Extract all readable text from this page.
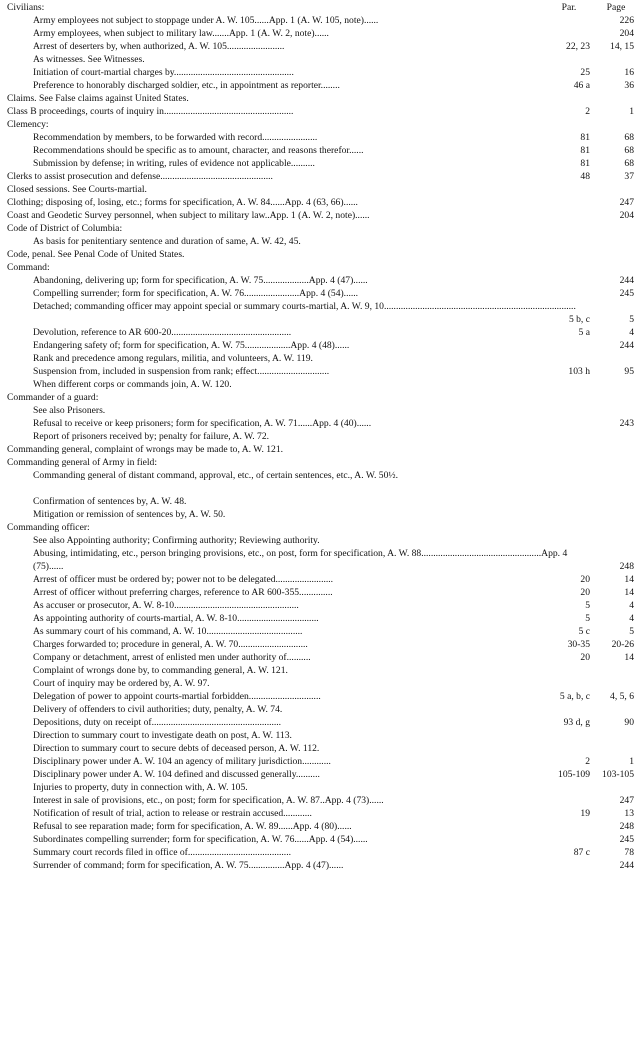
Civilians:	Par.	Page
Army employees not subject to stoppage under A. W. 105......App. 1 (A. W. 105, note)......	226
Army employees, when subject to military law.......App. 1 (A. W. 2, note)......	204
Arrest of deserters by, when authorized, A. W. 105........................	22, 23	14, 15
As witnesses. See Witnesses.
Initiation of court-martial charges by..................................................	25	16
Preference to honorably discharged soldier, etc., in appointment as reporter........	46 a	36
Claims. See False claims against United States.
Class B proceedings, courts of inquiry in......................................................	2	1
Clemency:
Recommendation by members, to be forwarded with record.......................	81	68
Recommendations should be specific as to amount, character, and reasons therefor......	81	68
Submission by defense; in writing, rules of evidence not applicable..........	81	68
Clerks to assist prosecution and defense...............................................	48	37
Closed sessions. See Courts-martial.
Clothing; disposing of, losing, etc.; forms for specification, A. W. 84......App. 4 (63, 66)......	247
Coast and Geodetic Survey personnel, when subject to military law..App. 1 (A. W. 2, note)......	204
Code of District of Columbia:
As basis for penitentiary sentence and duration of same, A. W. 42, 45.
Code, penal. See Penal Code of United States.
Command:
Abandoning, delivering up; form for specification, A. W. 75...................App. 4 (47)......	244
Compelling surrender; form for specification, A. W. 76.......................App. 4 (54)......	245
Detached; commanding officer may appoint special or summary courts-martial, A. W. 9, 10................................................................................
5 b, c	5
Devolution, reference to AR 600-20..................................................	5 a	4
Endangering safety of; form for specification, A. W. 75...................App. 4 (48)......	244
Rank and precedence among regulars, militia, and volunteers, A. W. 119.
Suspension from, included in suspension from rank; effect..............................	103 h	95
When different corps or commands join, A. W. 120.
Commander of a guard:
See also Prisoners.
Refusal to receive or keep prisoners; form for specification, A. W. 71......App. 4 (40)......	243
Report of prisoners received by; penalty for failure, A. W. 72.
Commanding general, complaint of wrongs may be made to, A. W. 121.
Commanding general of Army in field:
Commanding general of distant command, approval, etc., of certain sentences, etc., A. W. 50½.
Confirmation of sentences by, A. W. 48.
Mitigation or remission of sentences by, A. W. 50.
Commanding officer:
See also Appointing authority; Confirming authority; Reviewing authority.
Abusing, intimidating, etc., person bringing provisions, etc., on post, form for specification, A. W. 88..................................................App. 4 (75)......	248
Arrest of officer must be ordered by; power not to be delegated........................	20	14
Arrest of officer without preferring charges, reference to AR 600-355..............	20	14
As accuser or prosecutor, A. W. 8-10....................................................	5	4
As appointing authority of courts-martial, A. W. 8-10..................................	5	4
As summary court of his command, A. W. 10........................................	5 c	5
Charges forwarded to; procedure in general, A. W. 70.............................	30-35	20-26
Company or detachment, arrest of enlisted men under authority of..........	20	14
Complaint of wrongs done by, to commanding general, A. W. 121.
Court of inquiry may be ordered by, A. W. 97.
Delegation of power to appoint courts-martial forbidden..............................	5 a, b, c	4, 5, 6
Delivery of offenders to civil authorities; duty, penalty, A. W. 74.
Depositions, duty on receipt of......................................................	93 d, g	90
Direction to summary court to investigate death on post, A. W. 113.
Direction to summary court to secure debts of deceased person, A. W. 112.
Disciplinary power under A. W. 104 an agency of military jurisdiction............	2	1
Disciplinary power under A. W. 104 defined and discussed generally..........	105-109	103-105
Injuries to property, duty in connection with, A. W. 105.
Interest in sale of provisions, etc., on post; form for specification, A. W. 87..App. 4 (73)......	247
Notification of result of trial, action to release or restrain accused............	19	13
Refusal to see reparation made; form for specification, A. W. 89......App. 4 (80)......	248
Subordinates compelling surrender; form for specification, A. W. 76......App. 4 (54)......	245
Summary court records filed in office of...........................................	87 c	78
Surrender of command; form for specification, A. W. 75...............App. 4 (47)......	244
